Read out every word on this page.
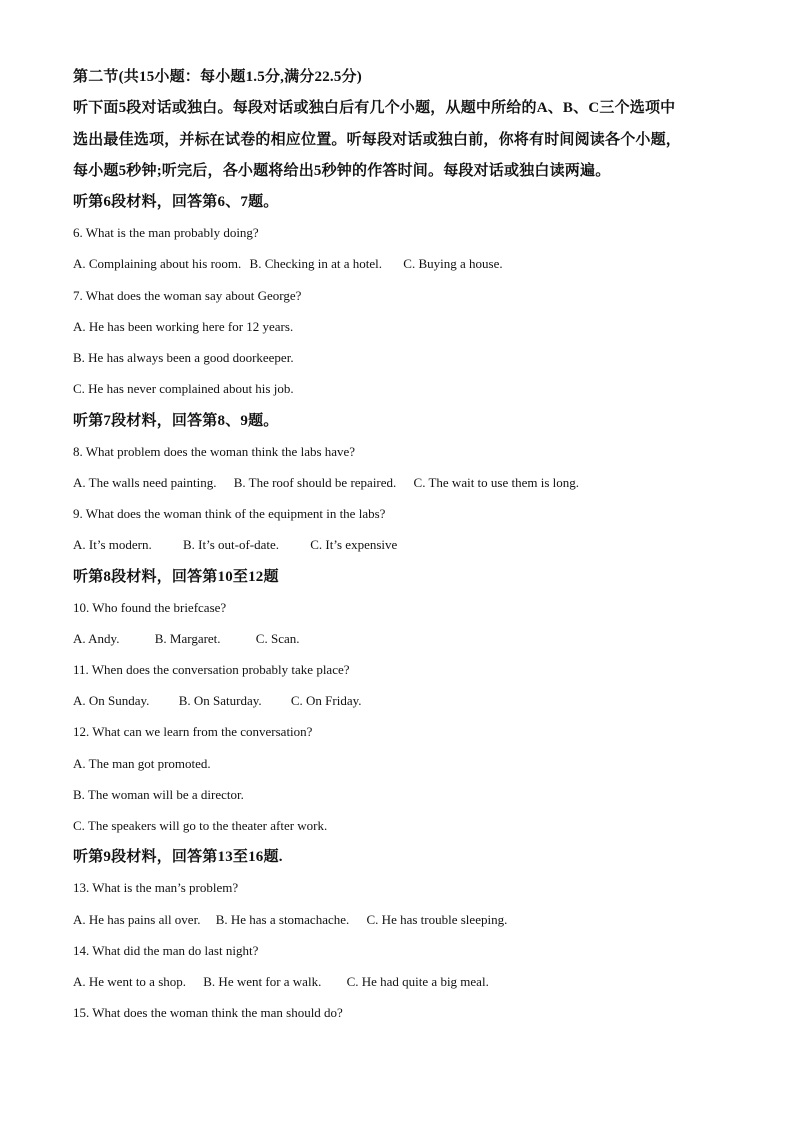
第二节(共15小题：每小题1.5分,满分22.5分)
听下面5段对话或独白。每段对话或独白后有几个小题，从题中所给的A、B、C三个选项中
选出最佳选项，并标在试卷的相应位置。听每段对话或独白前，你将有时间阅读各个小题，
每小题5秒钟;听完后，各小题将给出5秒钟的作答时间。每段对话或独白读两遍。
听第6段材料，回答第6、7题。
6. What is the man probably doing?
A. Complaining about his room. B. Checking in at a hotel. C. Buying a house.
7. What does the woman say about George?
A. He has been working here for 12 years.
B. He has always been a good doorkeeper.
C. He has never complained about his job.
听第7段材料，回答第8、9题。
8. What problem does the woman think the labs have?
A. The walls need painting. B. The roof should be repaired. C. The wait to use them is long.
9. What does the woman think of the equipment in the labs?
A. It’s modern. B. It’s out-of-date. C. It’s expensive
听第8段材料，回答第10至12题
10. Who found the briefcase?
A. Andy.	B. Margaret.	C. Scan.
11. When does the conversation probably take place?
A. On Sunday. B. On Saturday. C. On Friday.
12. What can we learn from the conversation?
A. The man got promoted.
B. The woman will be a director.
C. The speakers will go to the theater after work.
听第9段材料，回答第13至16题.
13. What is the man’s problem?
A. He has pains all over. B. He has a stomachache. C. He has trouble sleeping.
14. What did the man do last night?
A. He went to a shop. B. He went for a walk. C. He had quite a big meal.
15. What does the woman think the man should do?
